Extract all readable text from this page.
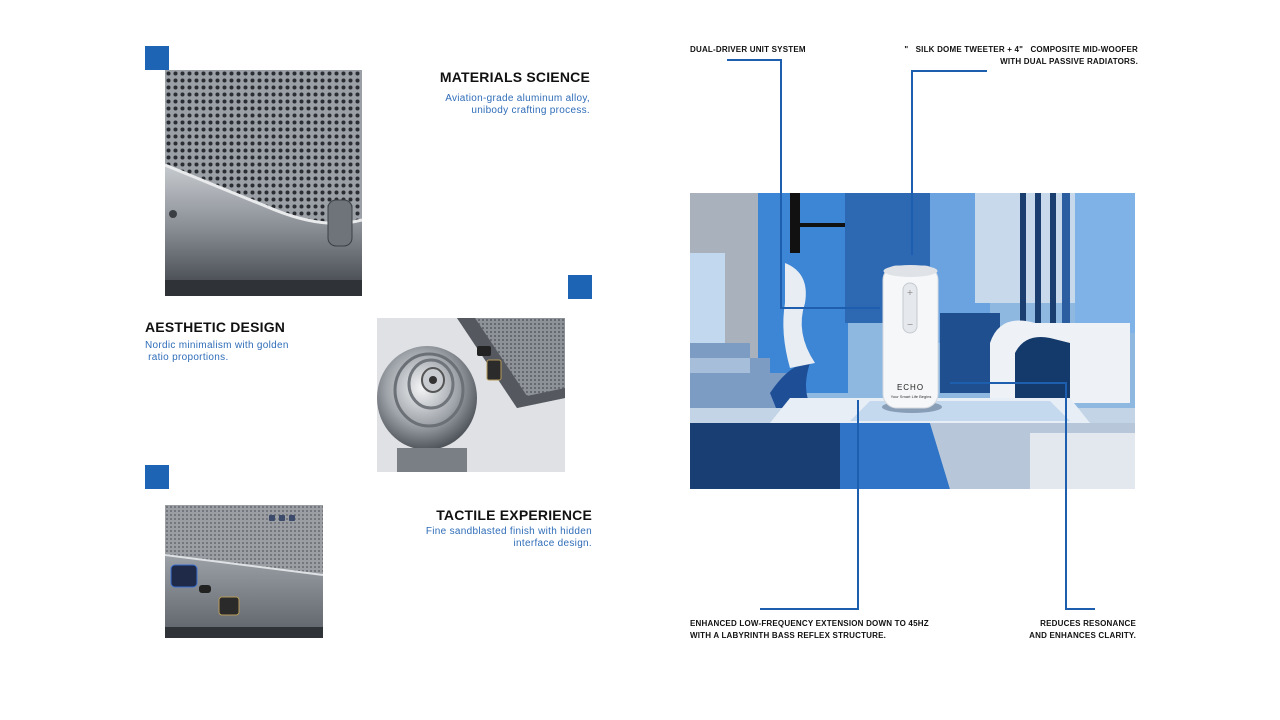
MATERIALS SCIENCE
Aviation-grade aluminum alloy,
unibody crafting process.
AESTHETIC DESIGN
Nordic minimalism with golden
ratio proportions.
TACTILE EXPERIENCE
Fine sandblasted finish with hidden
interface design.
+
−
ECHO
Your Smart Life Begins
DUAL-DRIVER UNIT SYSTEM	"   SILK DOME TWEETER + 4"   COMPOSITE MID-WOOFER
WITH DUAL PASSIVE RADIATORS.
ENHANCED LOW-FREQUENCY EXTENSION DOWN TO 45HZ
WITH A LABYRINTH BASS REFLEX STRUCTURE.
REDUCES RESONANCE
AND ENHANCES CLARITY.
